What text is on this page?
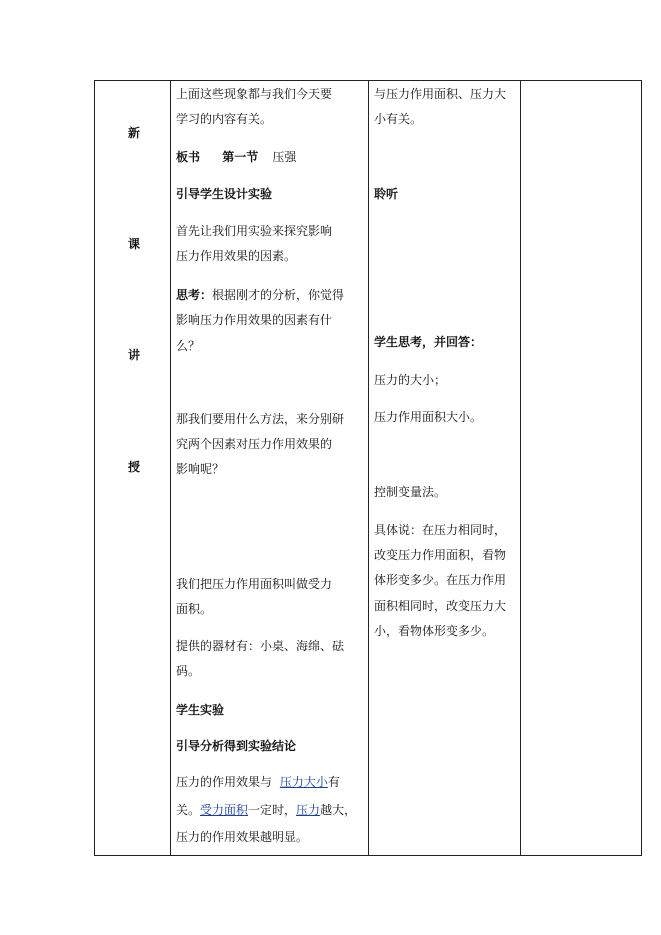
新
课
讲
授

上面这些现象都与我们今天要

学习的内容有关。

板书 第一节 压强

引导学生设计实验

首先让我们用实验来探究影响

压力作用效果的因素。

思考：根据刚才的分析，你觉得

影响压力作用效果的因素有什

么？

那我们要用什么方法，来分别研

究两个因素对压力作用效果的

影响呢？

我们把压力作用面积叫做受力

面积。

提供的器材有：小桌、海绵、砝

码。

学生实验

引导分析得到实验结论

压力的作用效果与 压力大小有
关。受力面积一定时，压力越大，

压力的作用效果越明显。

与压力作用面积、压力大

小有关。

聆听

学生思考，并回答：

压力的大小；

压力作用面积大小。

控制变量法。

具体说：在压力相同时，

改变压力作用面积，看物

体形变多少。在压力作用

面积相同时，改变压力大

小，看物体形变多少。
